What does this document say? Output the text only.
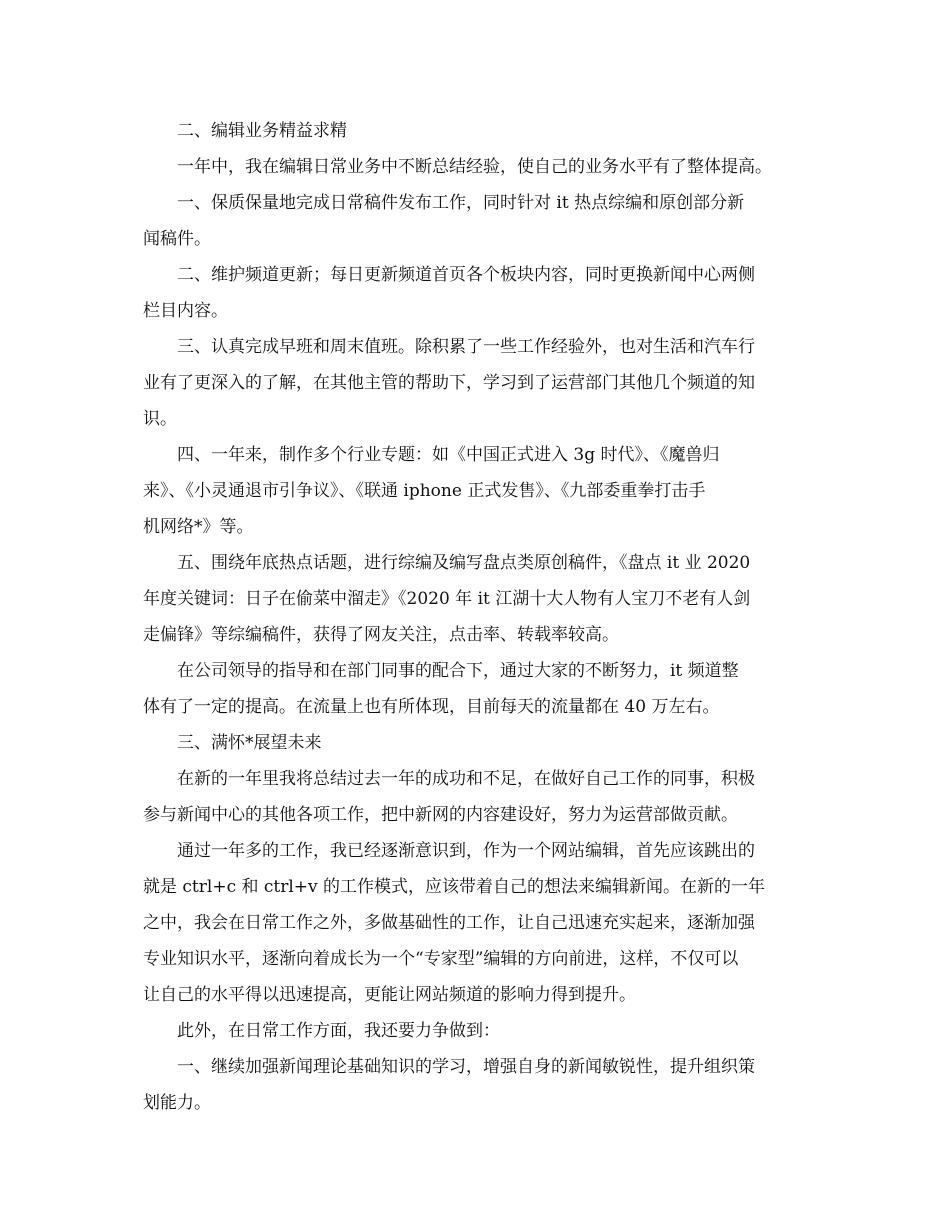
二、编辑业务精益求精
一年中，我在编辑日常业务中不断总结经验，使自己的业务水平有了整体提高。
一、保质保量地完成日常稿件发布工作，同时针对 it 热点综编和原创部分新
闻稿件。
二、维护频道更新；每日更新频道首页各个板块内容，同时更换新闻中心两侧
栏目内容。
三、认真完成早班和周末值班。除积累了一些工作经验外，也对生活和汽车行
业有了更深入的了解，在其他主管的帮助下，学习到了运营部门其他几个频道的知
识。
四、一年来，制作多个行业专题：如《中国正式进入 3g 时代》、《魔兽归
来》、《小灵通退市引争议》、《联通 iphone 正式发售》、《九部委重拳打击手
机网络*》等。
五、围绕年底热点话题，进行综编及编写盘点类原创稿件，《盘点 it 业 2020
年度关键词：日子在偷菜中溜走》《2020 年 it 江湖十大人物有人宝刀不老有人剑
走偏锋》等综编稿件，获得了网友关注，点击率、转载率较高。
在公司领导的指导和在部门同事的配合下，通过大家的不断努力，it 频道整
体有了一定的提高。在流量上也有所体现，目前每天的流量都在 40 万左右。
三、满怀*展望未来
在新的一年里我将总结过去一年的成功和不足，在做好自己工作的同事，积极
参与新闻中心的其他各项工作，把中新网的内容建设好，努力为运营部做贡献。
通过一年多的工作，我已经逐渐意识到，作为一个网站编辑，首先应该跳出的
就是 ctrl+c 和 ctrl+v 的工作模式，应该带着自己的想法来编辑新闻。在新的一年
之中，我会在日常工作之外，多做基础性的工作，让自己迅速充实起来，逐渐加强
专业知识水平，逐渐向着成长为一个“专家型”编辑的方向前进，这样，不仅可以
让自己的水平得以迅速提高，更能让网站频道的影响力得到提升。
此外，在日常工作方面，我还要力争做到：
一、继续加强新闻理论基础知识的学习，增强自身的新闻敏锐性，提升组织策
划能力。
